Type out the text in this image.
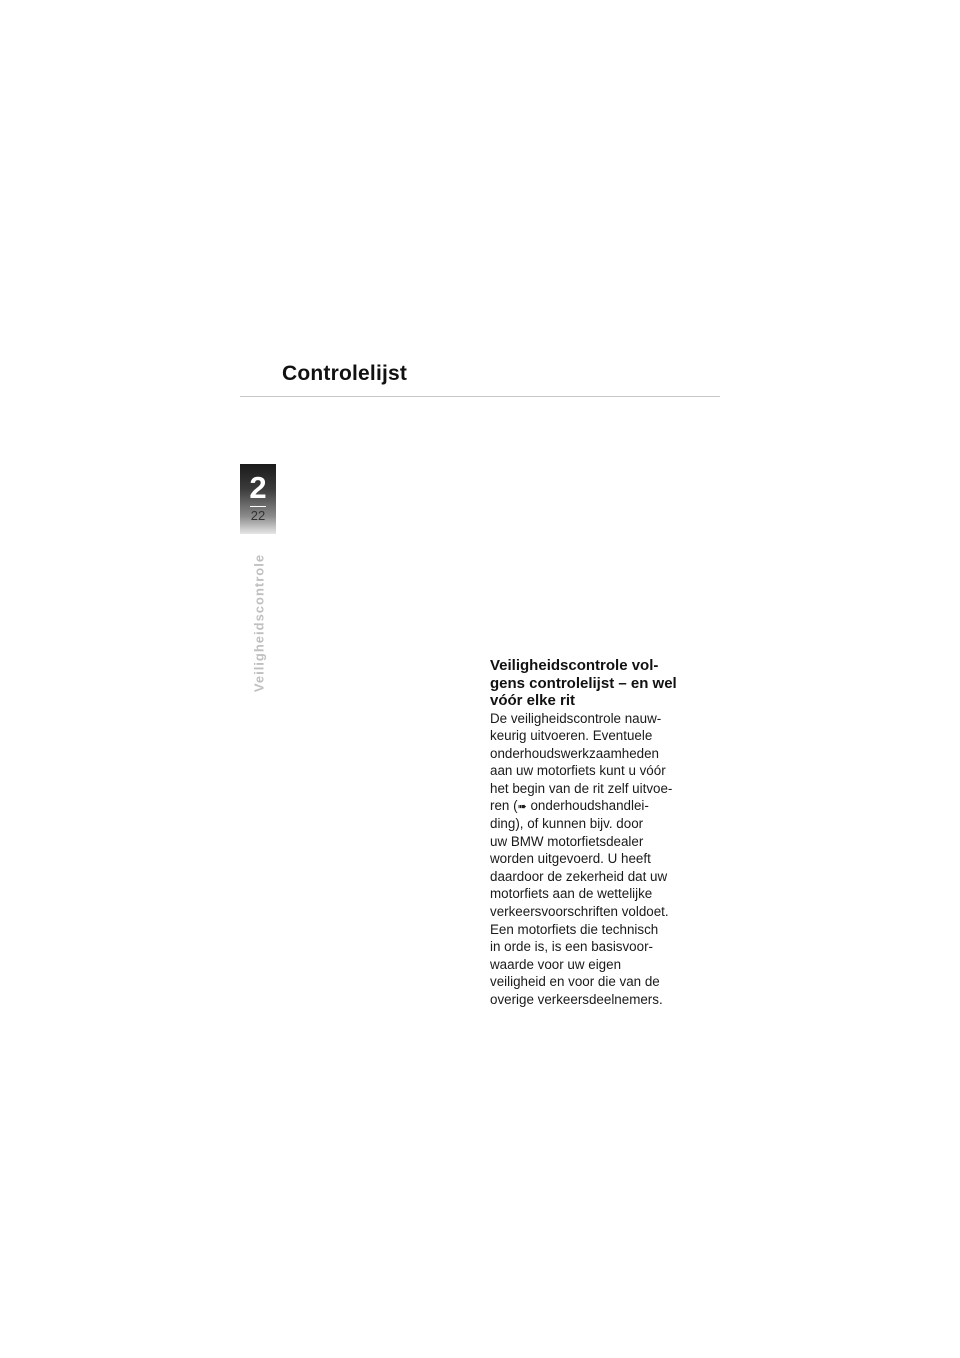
Controlelijst
2
22
Veiligheidscontrole	Veiligheidscontrole vol-
gens controlelijst – en wel
vóór elke rit

De veiligheidscontrole nauw-
keurig uitvoeren. Eventuele
onderhoudswerkzaamheden
aan uw motorfiets kunt u vóór
het begin van de rit zelf uitvoe-
ren (➠ onderhoudshandlei-
ding), of kunnen bijv. door
uw BMW motorfietsdealer
worden uitgevoerd. U heeft
daardoor de zekerheid dat uw
motorfiets aan de wettelijke
verkeersvoorschriften voldoet.
Een motorfiets die technisch
in orde is, is een basisvoor-
waarde voor uw eigen
veiligheid en voor die van de
overige verkeersdeelnemers.
